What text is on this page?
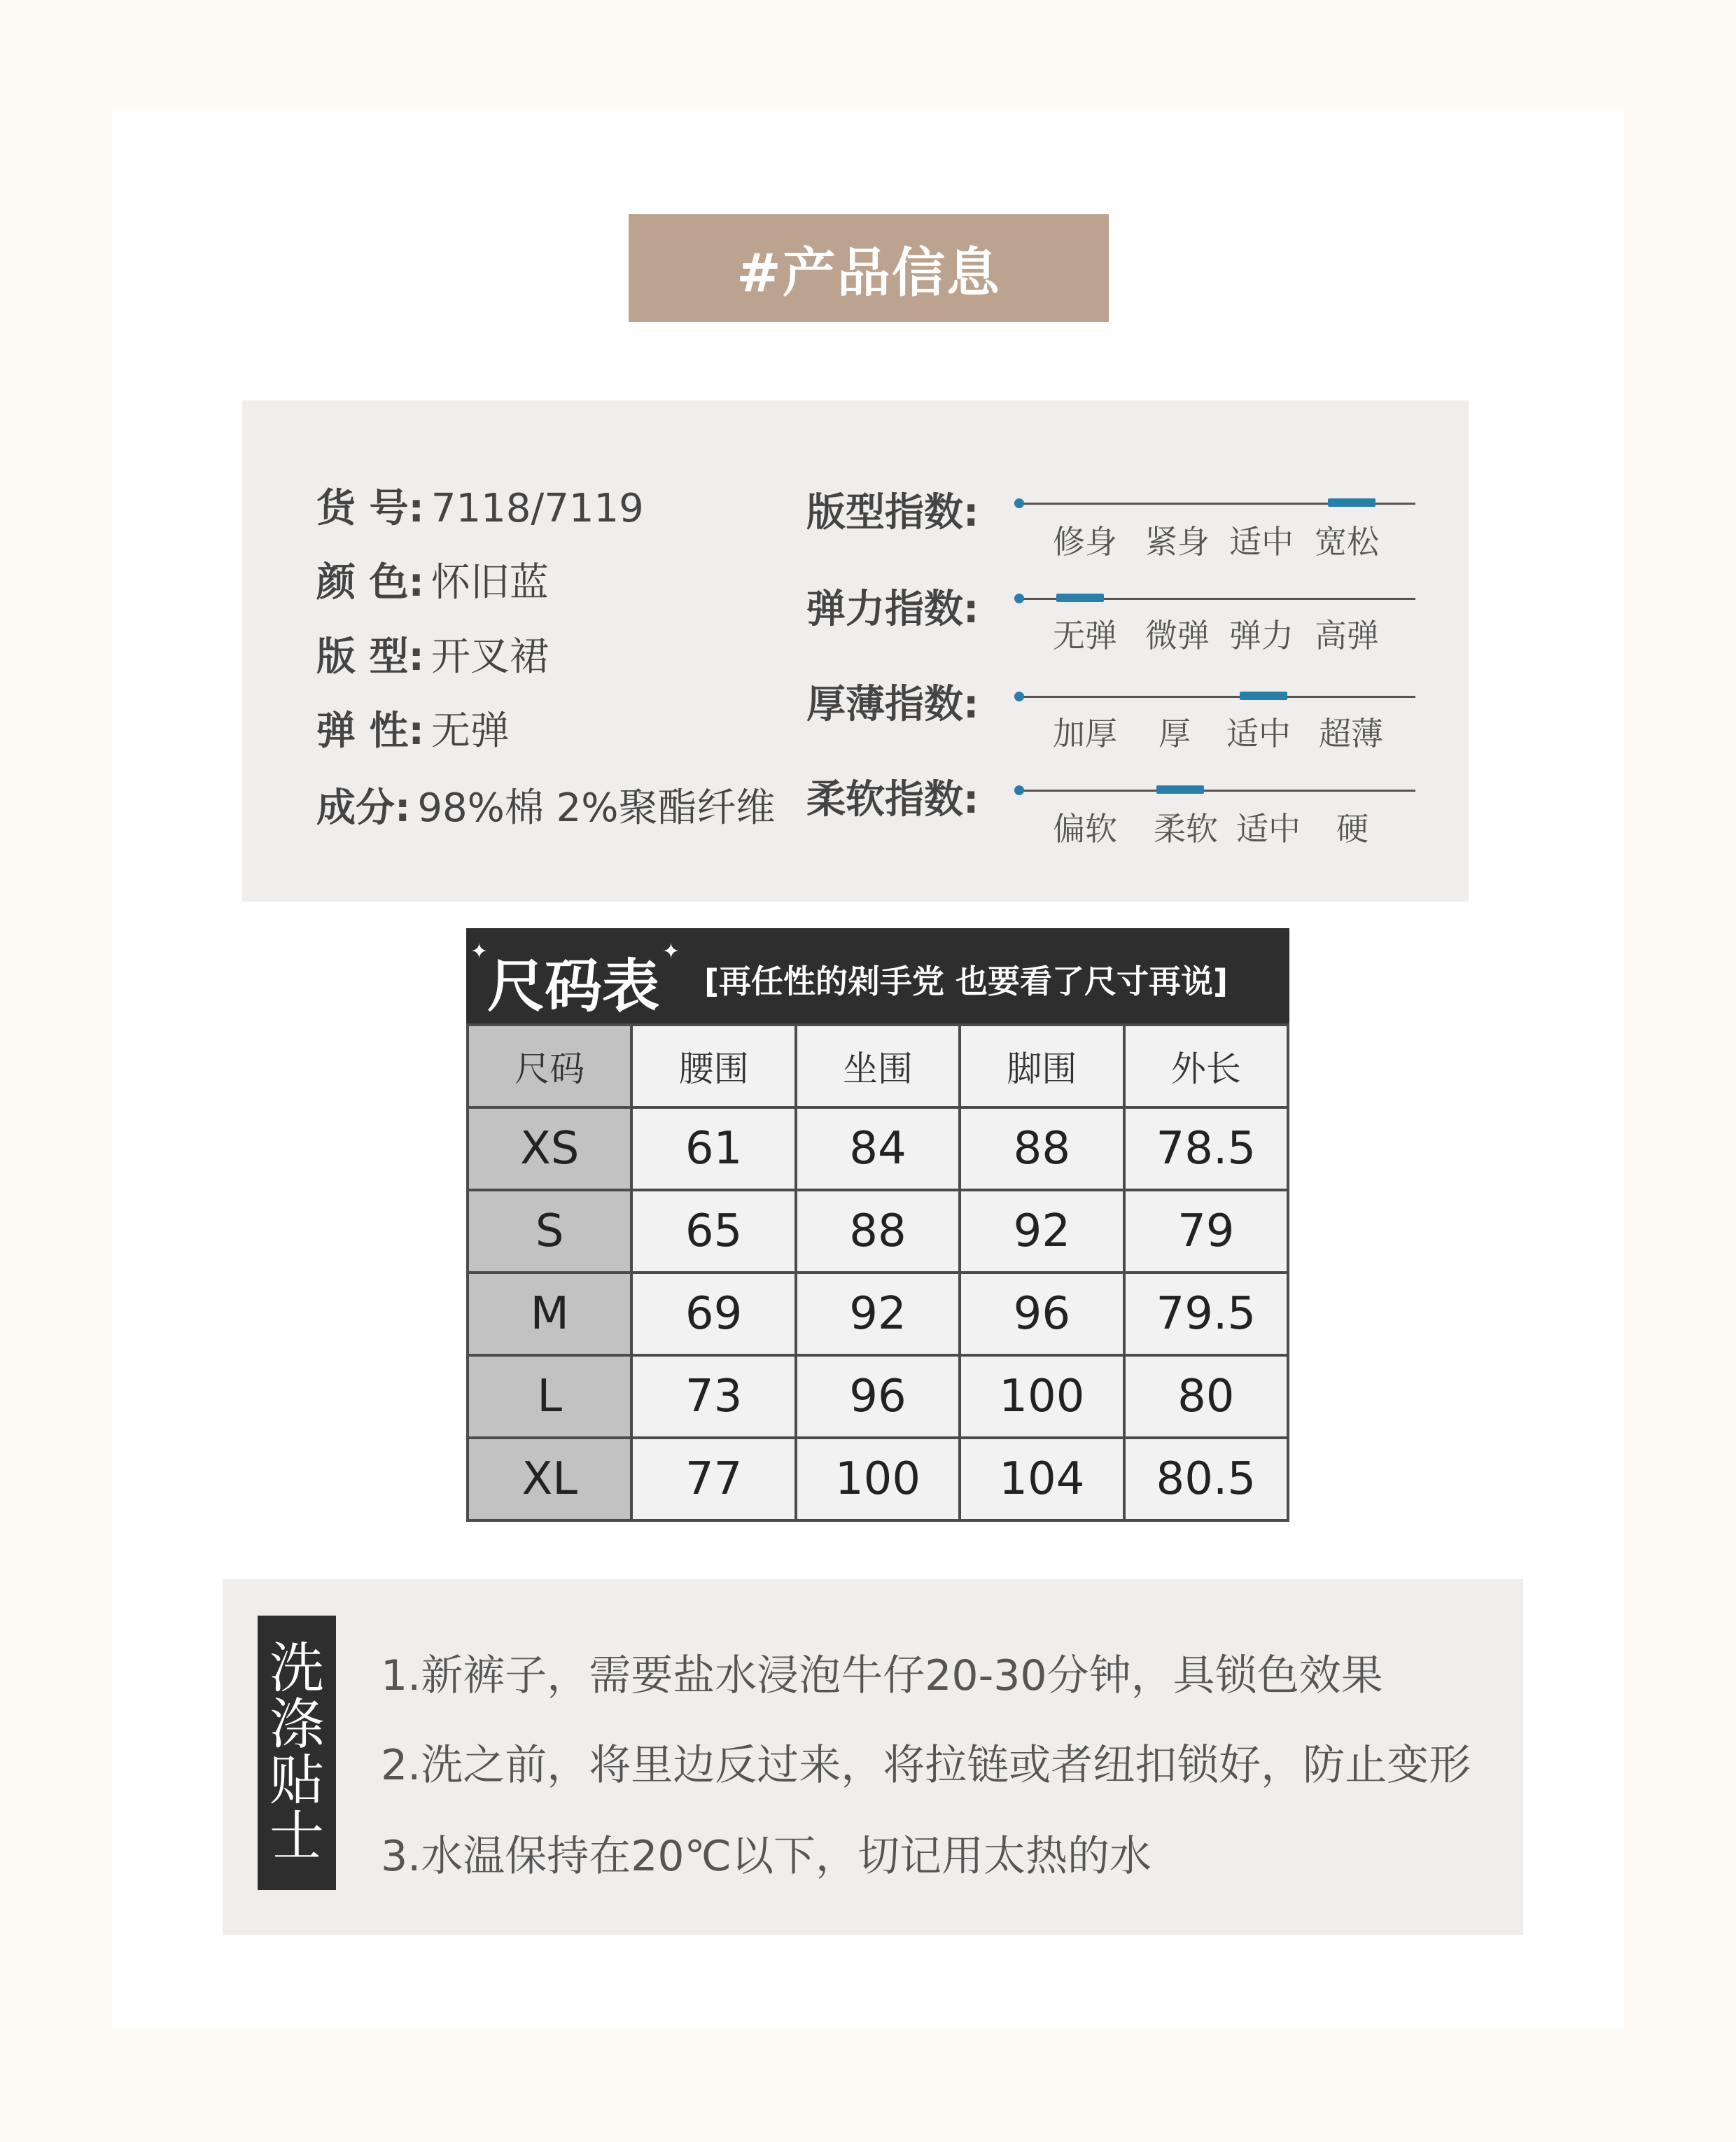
#产品信息
货 号: 7118/7119
颜 色: 怀旧蓝
版 型: 开叉裙
弹 性: 无弹
成分: 98%棉 2%聚酯纤维
版型指数:
修身 紧身 适中 宽松
弹力指数:
无弹 微弹 弹力 高弹
厚薄指数:
加厚 厚 适中 超薄
柔软指数:
偏软 柔软 适中 硬
✦	✦
尺码表 [再任性的剁手党 也要看了尺寸再说]
尺码	腰围	坐围	脚围	外长
XS	61	84	88	78.5
S	65	88	92	79
M	69	92	96	79.5
L	73	96	100	80
XL	77	100	104	80.5
洗
涤
贴
士
1.新裤子，需要盐水浸泡牛仔20-30分钟，具锁色效果
2.洗之前，将里边反过来，将拉链或者纽扣锁好，防止变形
3.水温保持在20℃以下，切记用太热的水
